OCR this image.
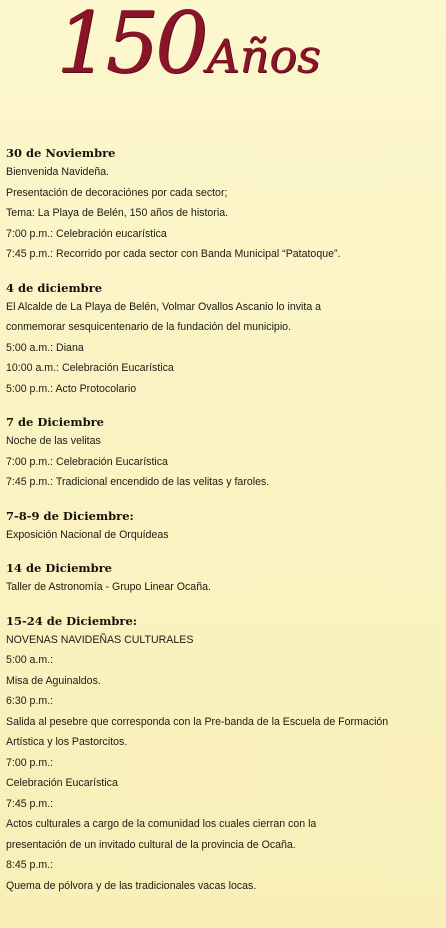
150Años
30 de Noviembre
Bienvenida Navideña.
Presentación de decoraciónes por cada sector;
Tema: La Playa de Belén, 150 años de historia.
7:00 p.m.: Celebración eucarística
7:45 p.m.: Recorrido por cada sector con Banda Municipal “Patatoque”.
4 de diciembre
El Alcalde de La Playa de Belén, Volmar Ovallos Ascanio lo invita a
conmemorar sesquicentenario de la fundación del municipio.
5:00 a.m.: Diana
10:00 a.m.: Celebración Eucarística
5:00 p.m.: Acto Protocolario
7 de Diciembre
Noche de las velitas
7:00 p.m.: Celebración Eucarística
7:45 p.m.: Tradicional encendido de las velitas y faroles.
7-8-9 de Diciembre:
Exposición Nacional de Orquídeas
14 de Diciembre
Taller de Astronomía - Grupo Linear Ocaña.
15-24 de Diciembre:
NOVENAS NAVIDEÑAS CULTURALES
5:00 a.m.:
Misa de Aguinaldos.
6:30 p.m.:
Salida al pesebre que corresponda con la Pre-banda de la Escuela de Formación
Artística y los Pastorcitos.
7:00 p.m.:
Celebración Eucarística
7:45 p.m.:
Actos culturales a cargo de la comunidad los cuales cierran con la
presentación de un invitado cultural de la provincia de Ocaña.
8:45 p.m.:
Quema de pólvora y de las tradicionales vacas locas.
